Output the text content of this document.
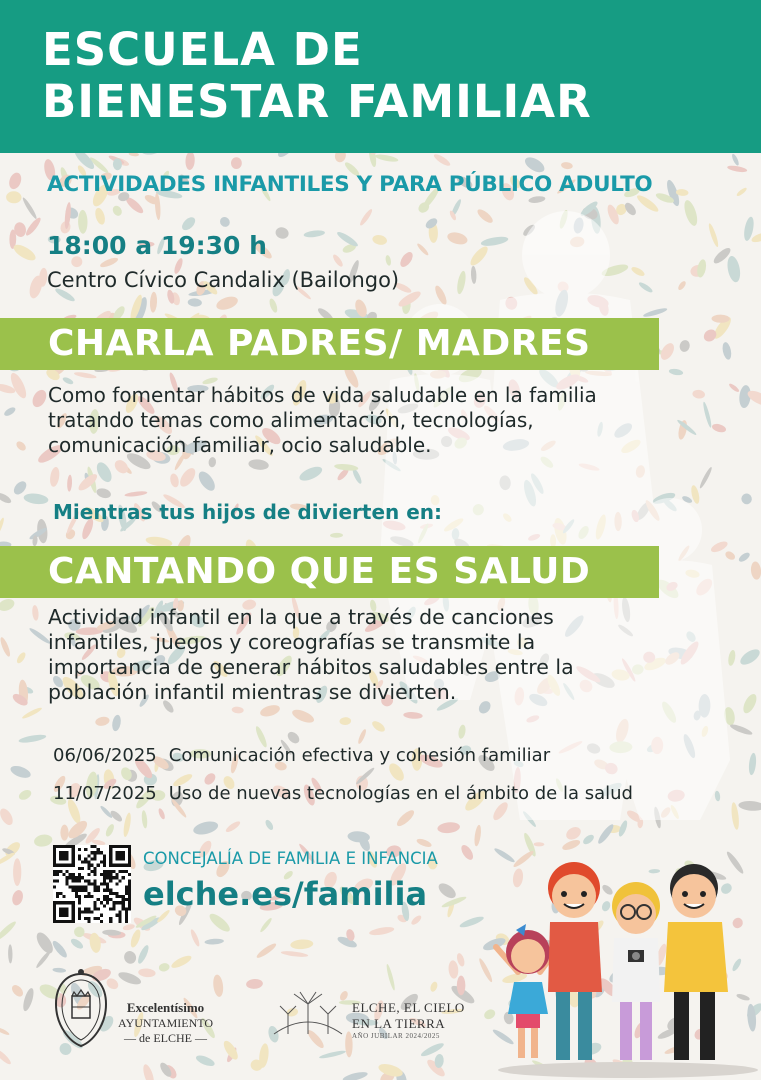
ESCUELA DE
BIENESTAR FAMILIAR
ACTIVIDADES INFANTILES Y PARA PÚBLICO ADULTO
18:00 a 19:30 h
Centro Cívico Candalix (Bailongo)
CHARLA PADRES/ MADRES

Como fomentar hábitos de vida saludable en la familia
tratando temas como alimentación, tecnologías,
comunicación familiar, ocio saludable.

Mientras tus hijos de divierten en:
CANTANDO QUE ES SALUD

Actividad infantil en la que a través de canciones
infantiles, juegos y coreografías se transmite la
importancia de generar hábitos saludables entre la
población infantil mientras se divierten.

06/06/2025 Comunicación efectiva y cohesión familiar
11/07/2025 Uso de nuevas tecnologías en el ámbito de la salud
CONCEJALÍA DE FAMILIA E INFANCIA
elche.es/familia
Excelentísimo
AYUNTAMIENTO
— de ELCHE —
ELCHE, EL CIELO
EN LA TIERRA
AÑO JUBILAR 2024/2025
